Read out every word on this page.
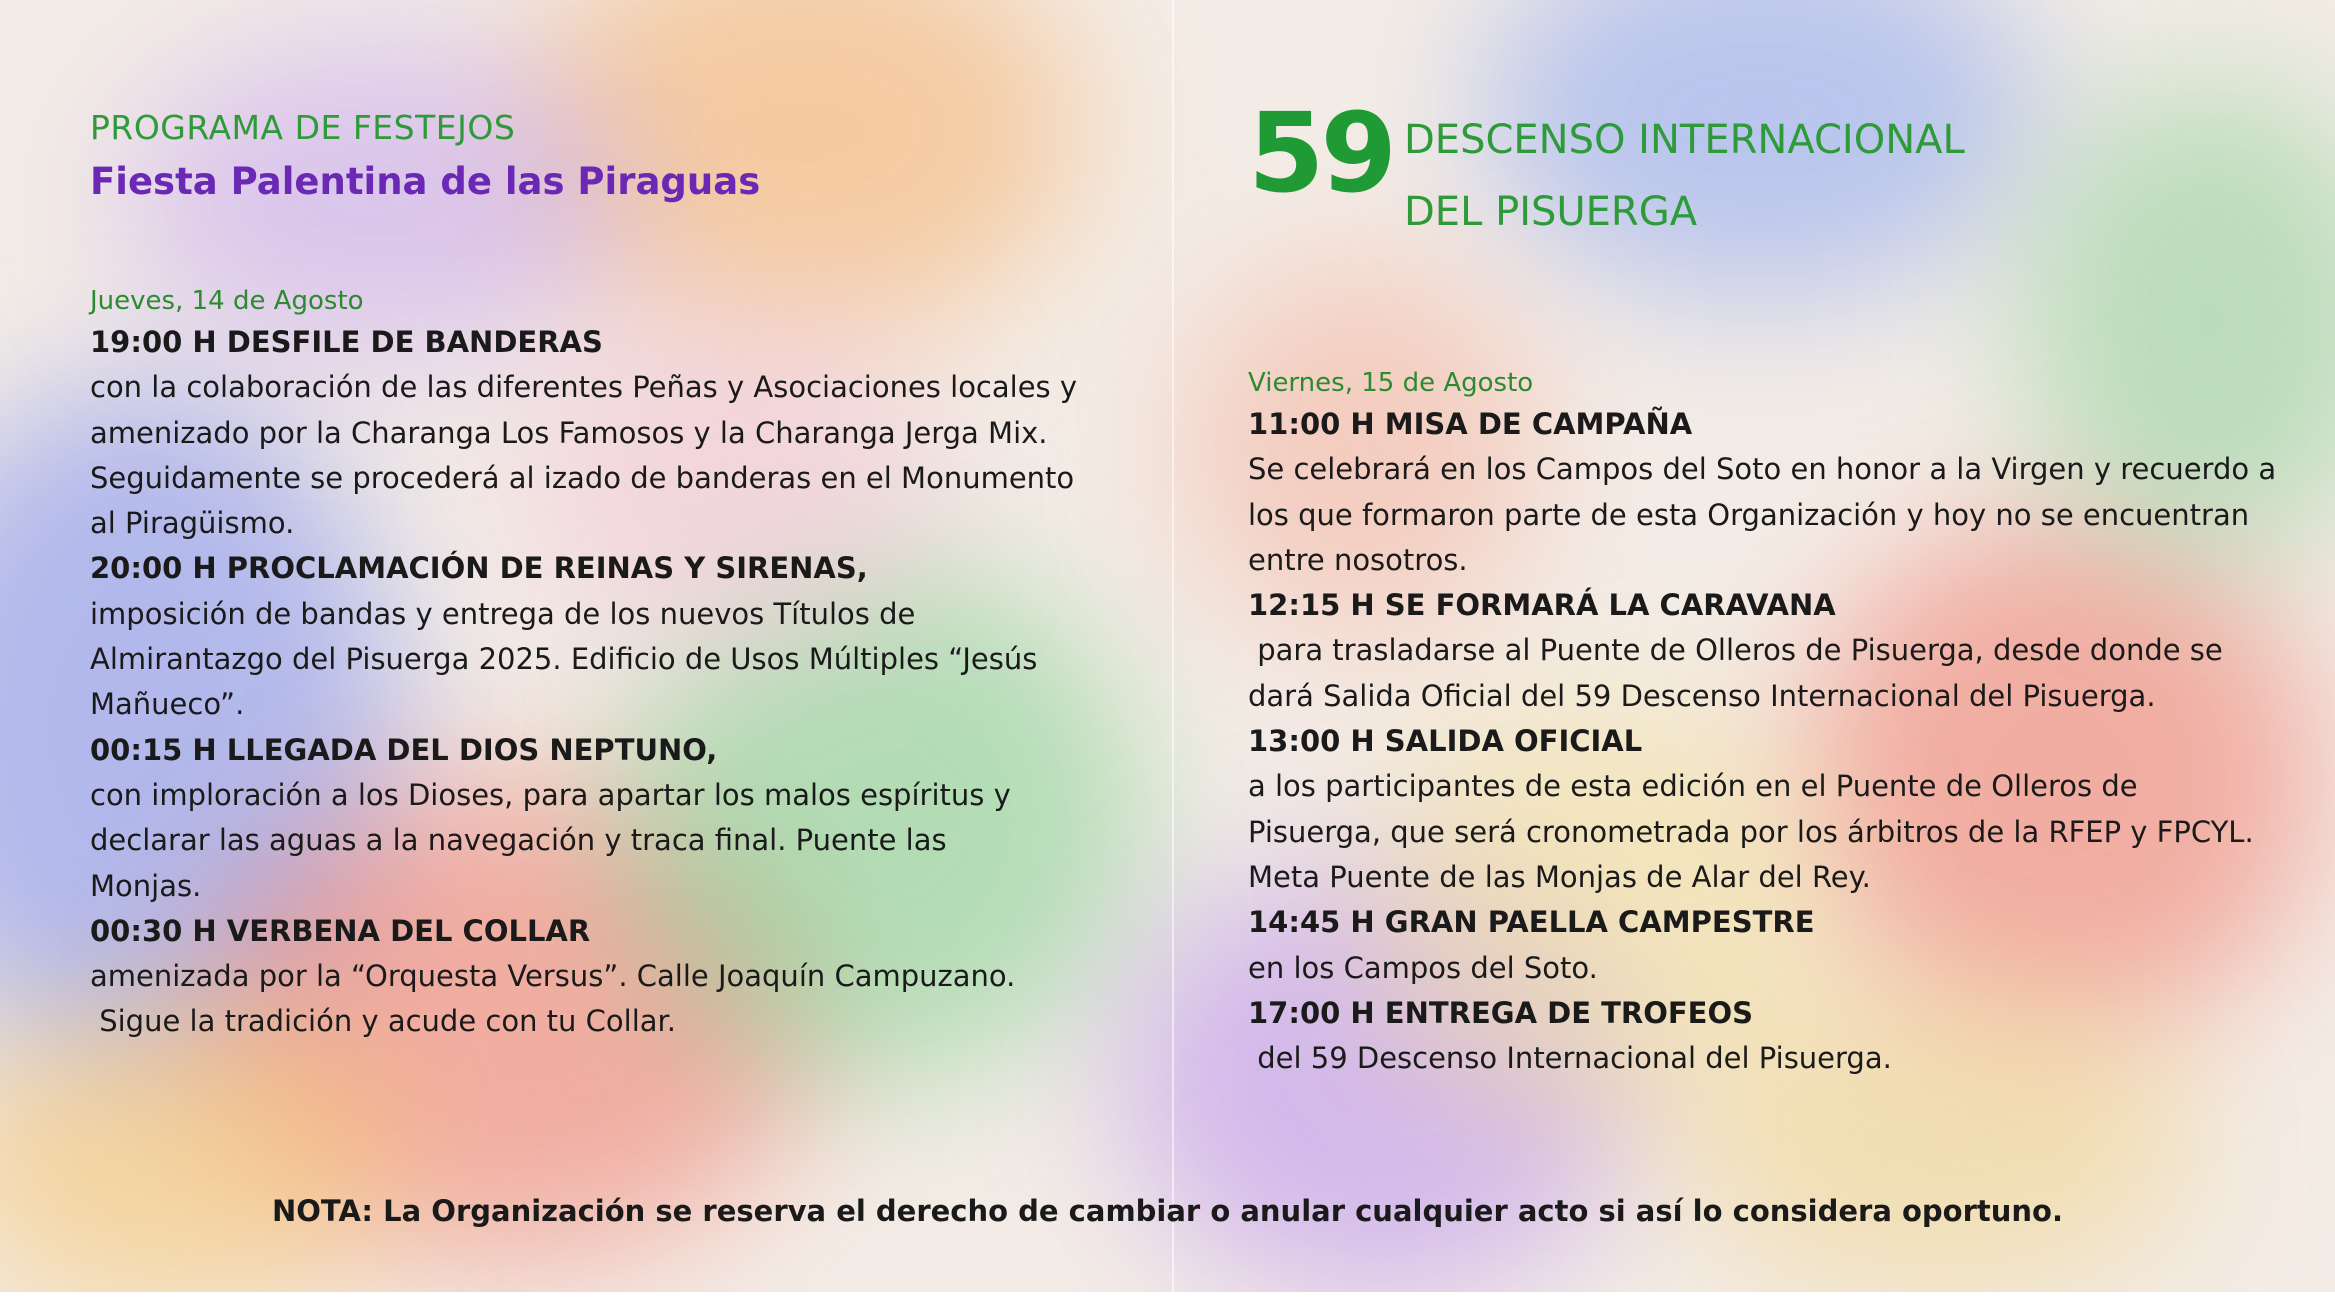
PROGRAMA DE FESTEJOS
Fiesta Palentina de las Piraguas
Jueves, 14 de Agosto
19:00 H DESFILE DE BANDERAS
con la colaboración de las diferentes Peñas y Asociaciones locales y
amenizado por la Charanga Los Famosos y la Charanga Jerga Mix.
Seguidamente se procederá al izado de banderas en el Monumento
al Piragüismo.
20:00 H PROCLAMACIÓN DE REINAS Y SIRENAS,
imposición de bandas y entrega de los nuevos Títulos de
Almirantazgo del Pisuerga 2025. Edificio de Usos Múltiples “Jesús
Mañueco”.
00:15 H LLEGADA DEL DIOS NEPTUNO,
con imploración a los Dioses, para apartar los malos espíritus y
declarar las aguas a la navegación y traca final. Puente las
Monjas.
00:30 H VERBENA DEL COLLAR
amenizada por la “Orquesta Versus”. Calle Joaquín Campuzano.
Sigue la tradición y acude con tu Collar.
59 DESCENSO INTERNACIONAL
DEL PISUERGA
Viernes, 15 de Agosto
11:00 H MISA DE CAMPAÑA
Se celebrará en los Campos del Soto en honor a la Virgen y recuerdo a
los que formaron parte de esta Organización y hoy no se encuentran
entre nosotros.
12:15 H SE FORMARÁ LA CARAVANA
para trasladarse al Puente de Olleros de Pisuerga, desde donde se
dará Salida Oficial del 59 Descenso Internacional del Pisuerga.
13:00 H SALIDA OFICIAL
a los participantes de esta edición en el Puente de Olleros de
Pisuerga, que será cronometrada por los árbitros de la RFEP y FPCYL.
Meta Puente de las Monjas de Alar del Rey.
14:45 H GRAN PAELLA CAMPESTRE
en los Campos del Soto.
17:00 H ENTREGA DE TROFEOS
del 59 Descenso Internacional del Pisuerga.
NOTA: La Organización se reserva el derecho de cambiar o anular cualquier acto si así lo considera oportuno.
